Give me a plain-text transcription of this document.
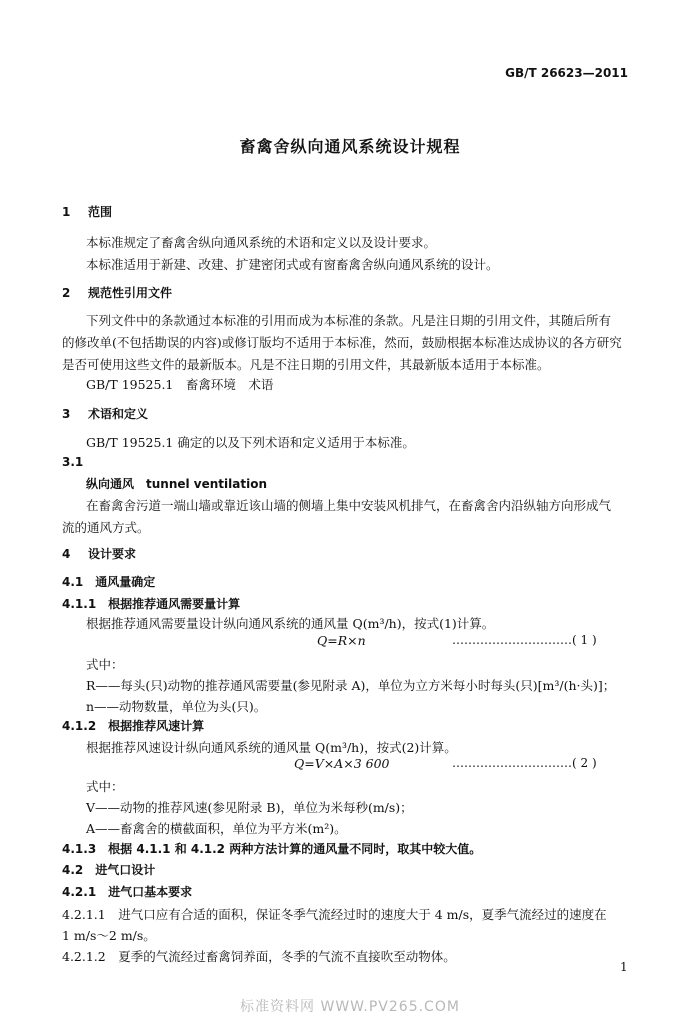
GB/T 26623—2011
畜禽舍纵向通风系统设计规程
1 范围
本标准规定了畜禽舍纵向通风系统的术语和定义以及设计要求。
本标准适用于新建、改建、扩建密闭式或有窗畜禽舍纵向通风系统的设计。
2 规范性引用文件
下列文件中的条款通过本标准的引用而成为本标准的条款。凡是注日期的引用文件，其随后所有
的修改单(不包括勘误的内容)或修订版均不适用于本标准，然而，鼓励根据本标准达成协议的各方研究
是否可使用这些文件的最新版本。凡是不注日期的引用文件，其最新版本适用于本标准。
GB/T 19525.1　畜禽环境　术语
3 术语和定义
GB/T 19525.1 确定的以及下列术语和定义适用于本标准。
3.1
纵向通风　tunnel ventilation
在畜禽舍污道一端山墙或靠近该山墙的侧墙上集中安装风机排气，在畜禽舍内沿纵轴方向形成气
流的通风方式。
4 设计要求
4.1　通风量确定
4.1.1　根据推荐通风需要量计算
根据推荐通风需要量设计纵向通风系统的通风量 Q(m³/h)，按式(1)计算。
Q=R×n	…………………………( 1 )
式中：
R——每头(只)动物的推荐通风需要量(参见附录 A)，单位为立方米每小时每头(只)[m³/(h·头)]；
n——动物数量，单位为头(只)。
4.1.2　根据推荐风速计算
根据推荐风速设计纵向通风系统的通风量 Q(m³/h)，按式(2)计算。
Q=V×A×3 600	…………………………( 2 )
式中：
V——动物的推荐风速(参见附录 B)，单位为米每秒(m/s)；
A——畜禽舍的横截面积，单位为平方米(m²)。
4.1.3　根据 4.1.1 和 4.1.2 两种方法计算的通风量不同时，取其中较大值。
4.2　进气口设计
4.2.1　进气口基本要求
4.2.1.1　进气口应有合适的面积，保证冬季气流经过时的速度大于 4 m/s，夏季气流经过的速度在
1 m/s～2 m/s。
4.2.1.2　夏季的气流经过畜禽饲养面，冬季的气流不直接吹至动物体。
1
标准资料网 WWW.PV265.COM
